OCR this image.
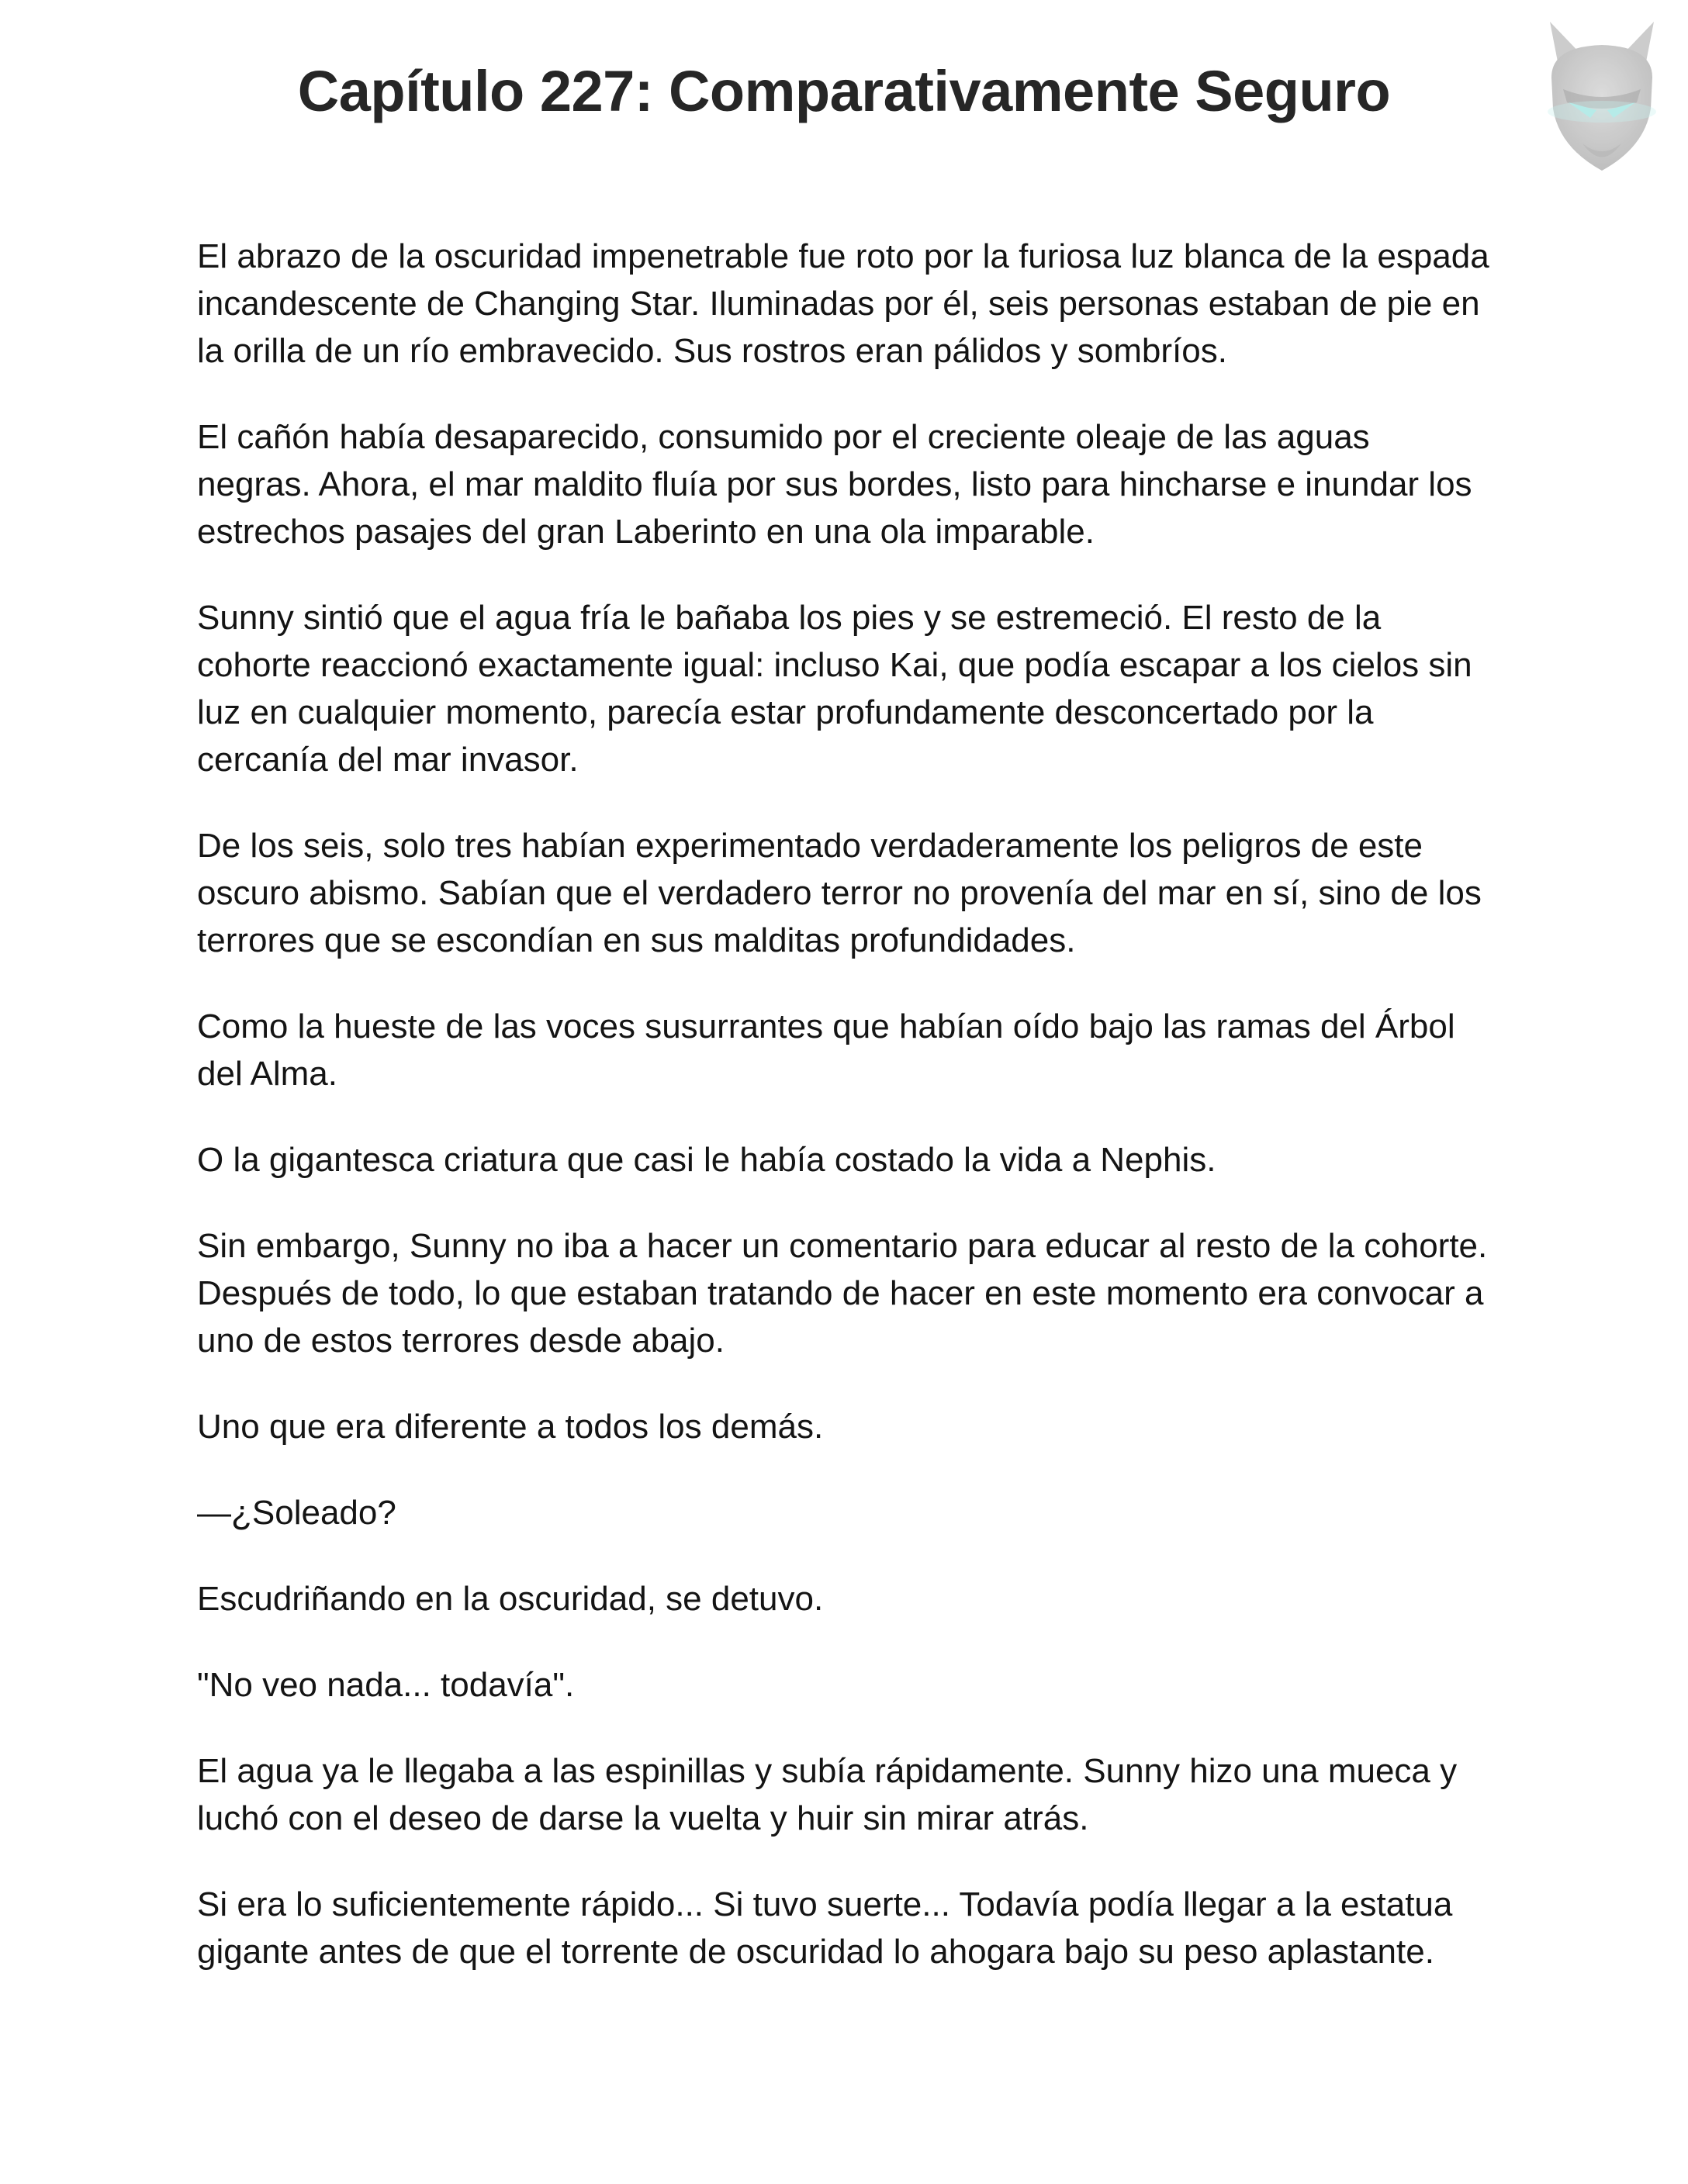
Capítulo 227: Comparativamente Seguro

El abrazo de la oscuridad impenetrable fue roto por la furiosa luz blanca de la espada incandescente de Changing Star. Iluminadas por él, seis personas estaban de pie en la orilla de un río embravecido. Sus rostros eran pálidos y sombríos.

El cañón había desaparecido, consumido por el creciente oleaje de las aguas negras. Ahora, el mar maldito fluía por sus bordes, listo para hincharse e inundar los estrechos pasajes del gran Laberinto en una ola imparable.

Sunny sintió que el agua fría le bañaba los pies y se estremeció. El resto de la cohorte reaccionó exactamente igual: incluso Kai, que podía escapar a los cielos sin luz en cualquier momento, parecía estar profundamente desconcertado por la cercanía del mar invasor.

De los seis, solo tres habían experimentado verdaderamente los peligros de este oscuro abismo. Sabían que el verdadero terror no provenía del mar en sí, sino de los terrores que se escondían en sus malditas profundidades.

Como la hueste de las voces susurrantes que habían oído bajo las ramas del Árbol del Alma.

O la gigantesca criatura que casi le había costado la vida a Nephis.

Sin embargo, Sunny no iba a hacer un comentario para educar al resto de la cohorte. Después de todo, lo que estaban tratando de hacer en este momento era convocar a uno de estos terrores desde abajo.

Uno que era diferente a todos los demás.

—¿Soleado?

Escudriñando en la oscuridad, se detuvo.

"No veo nada... todavía".

El agua ya le llegaba a las espinillas y subía rápidamente. Sunny hizo una mueca y luchó con el deseo de darse la vuelta y huir sin mirar atrás.

Si era lo suficientemente rápido... Si tuvo suerte... Todavía podía llegar a la estatua gigante antes de que el torrente de oscuridad lo ahogara bajo su peso aplastante.
